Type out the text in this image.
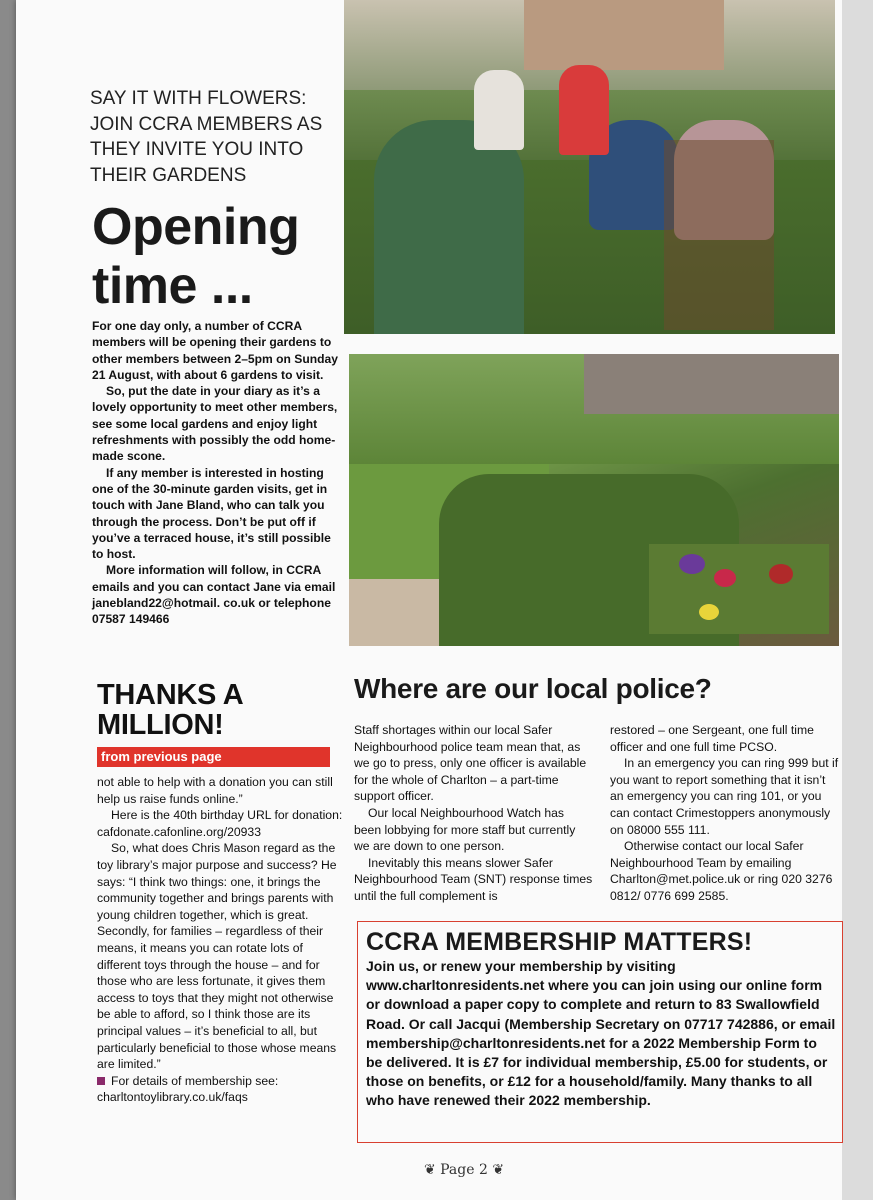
SAY IT WITH FLOWERS: JOIN CCRA MEMBERS AS THEY INVITE YOU INTO THEIR GARDENS
Opening
time ...

For one day only, a number of CCRA members will be opening their gardens to other members between 2–5pm on Sunday 21 August, with about 6 gardens to visit.

So, put the date in your diary as it’s a lovely opportunity to meet other members, see some local gardens and enjoy light refreshments with possibly the odd home-made scone.

If any member is interested in hosting one of the 30-minute garden visits, get in touch with Jane Bland, who can talk you through the process. Don’t be put off if you’ve a terraced house, it’s still possible to host.

More information will follow, in CCRA emails and you can contact Jane via email janebland22@hotmail. co.uk or telephone 07587 149466

THANKS A
MILLION!
from previous page

not able to help with a donation you can still help us raise funds online.”

Here is the 40th birthday URL for donation: cafdonate.cafonline.org/20933

So, what does Chris Mason regard as the toy library’s major purpose and success? He says: “I think two things: one, it brings the community together and brings parents with young children together, which is great. Secondly, for families – regardless of their means, it means you can rotate lots of different toys through the house – and for those who are less fortunate, it gives them access to toys that they might not otherwise be able to afford, so I think those are its principal values – it’s beneficial to all, but particularly beneficial to those whose means are limited.”

For details of membership see:

charltontoylibrary.co.uk/faqs

Where are our local police?

Staff shortages within our local Safer Neighbourhood police team mean that, as we go to press, only one officer is available for the whole of Charlton – a part-time support officer.

Our local Neighbourhood Watch has been lobbying for more staff but currently we are down to one person.

Inevitably this means slower Safer Neighbourhood Team (SNT) response times until the full complement is

restored – one Sergeant, one full time officer and one full time PCSO.

In an emergency you can ring 999 but if you want to report something that it isn’t an emergency you can ring 101, or you can contact Crimestoppers anonymously on 08000 555 111.

Otherwise contact our local Safer Neighbourhood Team by emailing Charlton@met.police.uk or ring 020 3276 0812/ 0776 699 2585.

CCRA MEMBERSHIP MATTERS!
Join us, or renew your membership by visiting www.charltonresidents.net where you can join using our online form or download a paper copy to complete and return to 83 Swallowfield Road. Or call Jacqui (Membership Secretary on 07717 742886, or email membership@charltonresidents.net for a 2022 Membership Form to be delivered. It is £7 for individual membership, £5.00 for students, or those on benefits, or £12 for a household/family. Many thanks to all who have renewed their 2022 membership.
❦ Page 2 ❦
